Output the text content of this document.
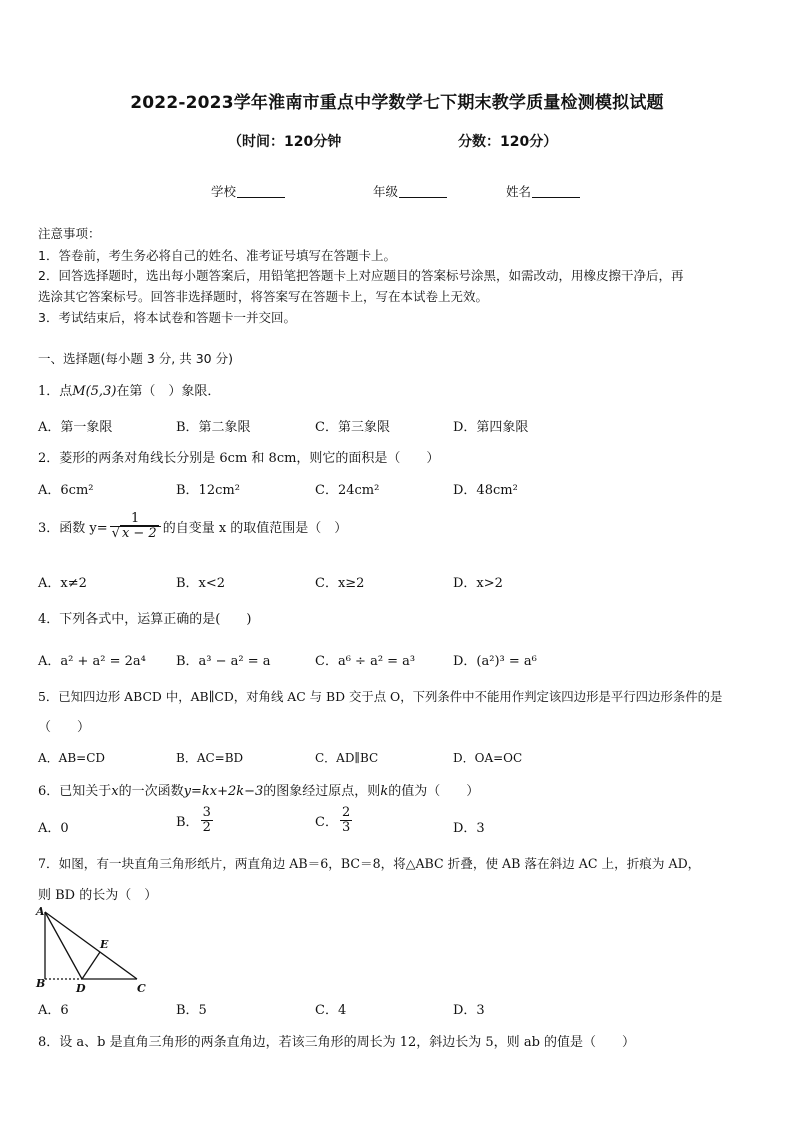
2022-2023学年淮南市重点中学数学七下期末教学质量检测模拟试题
（时间：120分钟	分数：120分）
学校	年级	姓名
注意事项：
1．答卷前，考生务必将自己的姓名、准考证号填写在答题卡上。
2．回答选择题时，选出每小题答案后，用铅笔把答题卡上对应题目的答案标号涂黑，如需改动，用橡皮擦干净后，再
选涂其它答案标号。回答非选择题时，将答案写在答题卡上，写在本试卷上无效。
3．考试结束后，将本试卷和答题卡一并交回。
一、选择题(每小题 3 分, 共 30 分)
1．点M(5,3)在第（　）象限．
A．第一象限	B．第二象限	C．第三象限	D．第四象限
2．菱形的两条对角线长分别是 6cm 和 8cm，则它的面积是（　　）
A．6cm²	B．12cm²	C．24cm²	D．48cm²
3．函数 $y= \frac{1}{√ x - 2}$ 的自变量 x 的取值范围是（　）
A．x≠2	B．x<2	C．x≥2	D．x>2
4．下列各式中，运算正确的是(　　)
A．a² + a² = 2a⁴ B．a³ − a² = a	C．a⁶ ÷ a² = a³	D．(a²)³ = a⁶
5．已知四边形 ABCD 中，AB∥CD，对角线 AC 与 BD 交于点 O，下列条件中不能用作判定该四边形是平行四边形条件的是
（　　）
A．AB=CD	B．AC=BD	C．AD∥BC	D．OA=OC
6．已知关于x的一次函数y=kx+2k−3的图象经过原点，则k的值为（　　）
A．0	B． $\frac{3}{2}$	C． $\frac{2}{3}$	D．3
7．如图，有一块直角三角形纸片，两直角边 AB＝6，BC＝8，将△ABC 折叠，使 AB 落在斜边 AC 上，折痕为 AD，
则 BD 的长为（　）
A
E
B	D	C
A．6	B．5	C．4	D．3
8．设 a、b 是直角三角形的两条直角边，若该三角形的周长为 12，斜边长为 5，则 ab 的值是（　　）
